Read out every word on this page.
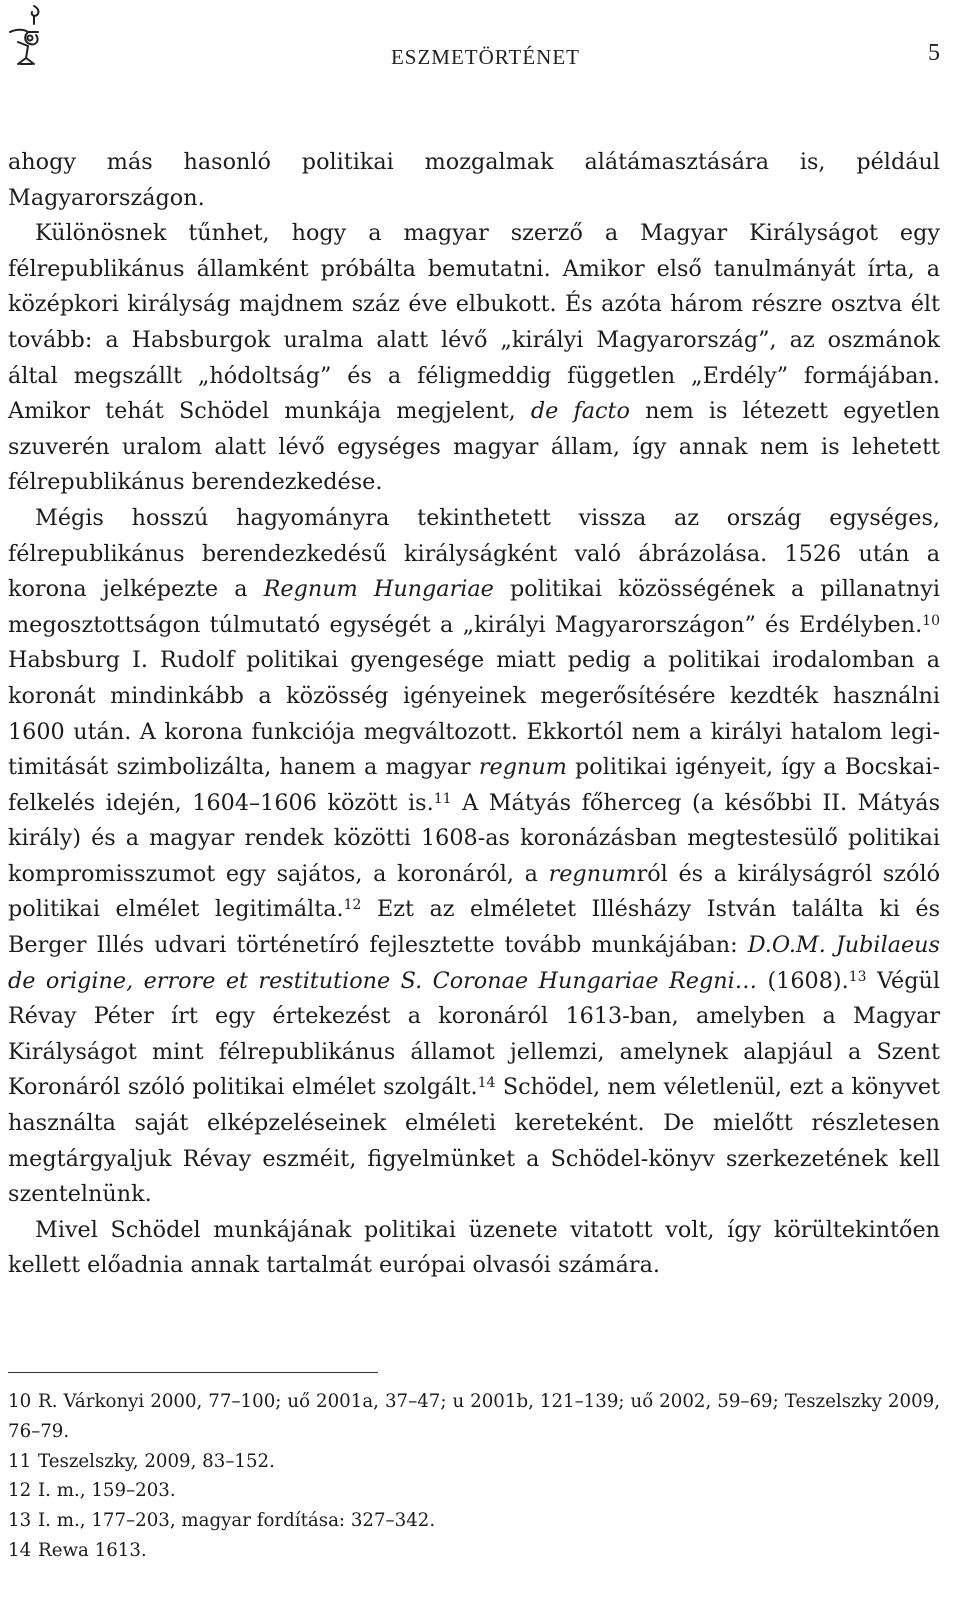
ESZMETÖRTÉNET	5

ahogy más hasonló politikai mozgalmak alátámasztására is, például Magyarországon.

Különösnek tűnhet, hogy a magyar szerző a Magyar Királyságot egy félrepublikánus államként próbálta bemutatni. Amikor első tanulmányát írta, a középkori királyság majdnem száz éve elbukott. És azóta három részre osztva élt tovább: a Habsburgok uralma alatt lévő „királyi Magyarország”, az oszmánok által megszállt „hódoltság” és a féligmeddig független „Erdély” formájában. Amikor tehát Schödel munkája megjelent, de facto nem is létezett egyetlen szuverén uralom alatt lévő egységes magyar állam, így annak nem is lehetett félrepublikánus berendezkedése.

Mégis hosszú hagyományra tekinthetett vissza az ország egységes, félrepublikánus berendezkedésű királyságként való ábrázolása. 1526 után a korona jelképezte a Regnum Hungariae politikai közösségének a pillanatnyi megosztottságon túlmutató egységét a „királyi Magyarországon” és Erdélyben.$^{10}$ Habsburg I. Rudolf politikai gyengesége miatt pedig a politikai irodalomban a koronát mindinkább a közösség igényeinek megerősítésére kezdték használni 1600 után. A korona funkciója megváltozott. Ekkortól nem a királyi hatalom legitimitását szimbolizálta, hanem a magyar regnum politikai igényeit, így a Bocskai-felkelés idején, 1604–1606 között is.$^{11}$ A Mátyás főherceg (a későbbi II. Mátyás király) és a magyar rendek közötti 1608-as koronázásban megtestesülő politikai kompromisszumot egy sajátos, a koronáról, a regnumról és a királyságról szóló politikai elmélet legitimálta.$^{12}$ Ezt az elméletet Illésházy István találta ki és Berger Illés udvari történetíró fejlesztette tovább munkájában: D.O.M. Jubilaeus de origine, errore et restitutione S. Coronae Hungariae Regni… (1608).$^{13}$ Végül Révay Péter írt egy értekezést a koronáról 1613-ban, amelyben a Magyar Királyságot mint félrepublikánus államot jellemzi, amelynek alapjául a Szent Koronáról szóló politikai elmélet szolgált.$^{14}$ Schödel, nem véletlenül, ezt a könyvet használta saját elképzeléseinek elméleti kereteként. De mielőtt részletesen megtárgyaljuk Révay eszméit, figyelmünket a Schödel-könyv szerkezetének kell szentelnünk.

Mivel Schödel munkájának politikai üzenete vitatott volt, így körültekintően kellett előadnia annak tartalmát európai olvasói számára.

10 R. Várkonyi 2000, 77–100; uő 2001a, 37–47; u 2001b, 121–139; uő 2002, 59–69; Teszelszky 2009, 76–79.

11 Teszelszky, 2009, 83–152.

12 I. m., 159–203.

13 I. m., 177–203, magyar fordítása: 327–342.

14 Rewa 1613.
